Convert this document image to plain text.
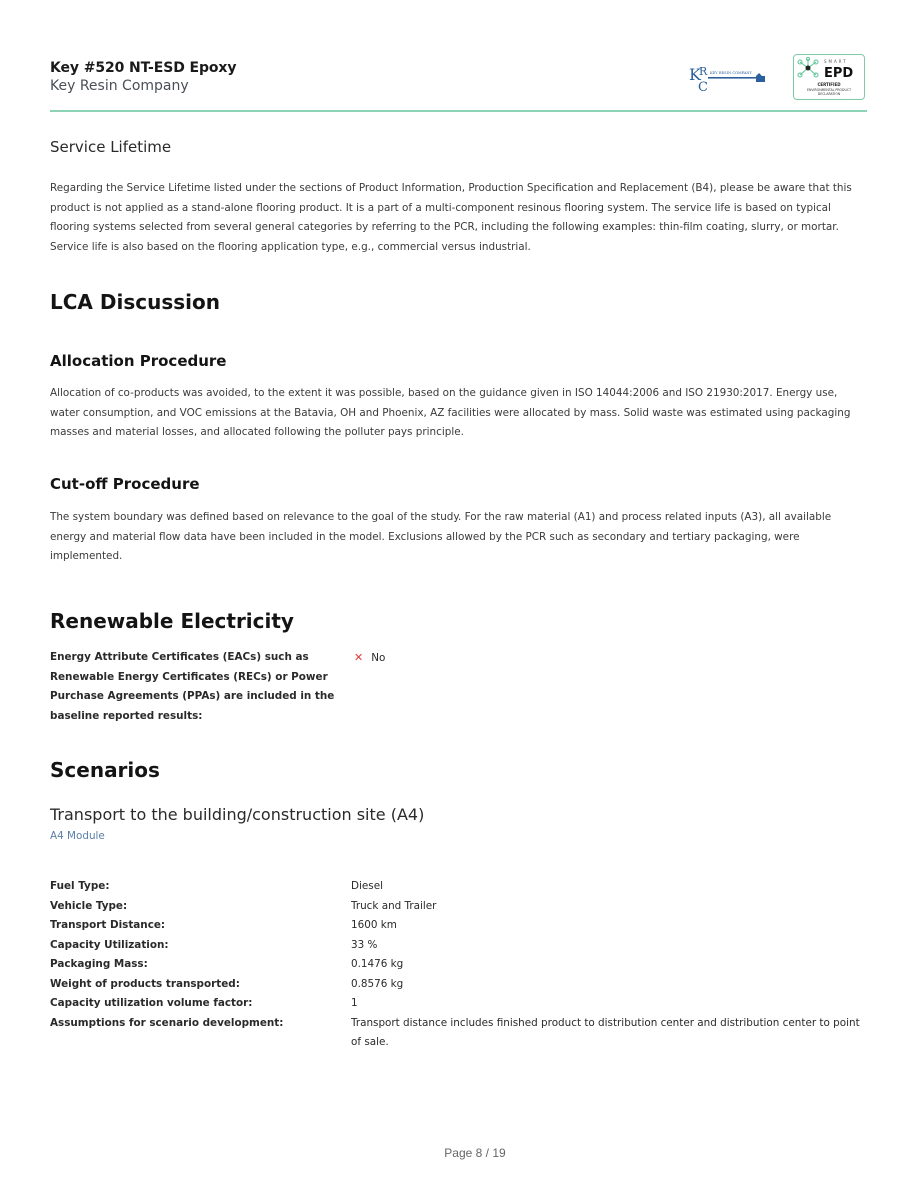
Key #520 NT-ESD Epoxy
Key Resin Company
K
R
C
KEY RESIN COMPANY
SMART
EPD
CERTIFIED
ENVIRONMENTAL PRODUCT
DECLARATION
Service Lifetime
Regarding the Service Lifetime listed under the sections of Product Information, Production Specification and Replacement (B4), please be aware that this product is not applied as a stand-alone flooring product. It is a part of a multi-component resinous flooring system. The service life is based on typical flooring systems selected from several general categories by referring to the PCR, including the following examples: thin-film coating, slurry, or mortar. Service life is also based on the flooring application type, e.g., commercial versus industrial.
LCA Discussion
Allocation Procedure
Allocation of co-products was avoided, to the extent it was possible, based on the guidance given in ISO 14044:2006 and ISO 21930:2017. Energy use, water consumption, and VOC emissions at the Batavia, OH and Phoenix, AZ facilities were allocated by mass. Solid waste was estimated using packaging masses and material losses, and allocated following the polluter pays principle.
Cut-off Procedure
The system boundary was defined based on relevance to the goal of the study. For the raw material (A1) and process related inputs (A3), all available energy and material flow data have been included in the model. Exclusions allowed by the PCR such as secondary and tertiary packaging, were implemented.
Renewable Electricity
Energy Attribute Certificates (EACs) such as Renewable Energy Certificates (RECs) or Power Purchase Agreements (PPAs) are included in the baseline reported results:
✕ No
Scenarios
Transport to the building/construction site (A4)
A4 Module
Fuel Type:	Diesel
Vehicle Type:	Truck and Trailer
Transport Distance:	1600 km
Capacity Utilization:	33 %
Packaging Mass:	0.1476 kg
Weight of products transported:	0.8576 kg
Capacity utilization volume factor:	1
Assumptions for scenario development:	Transport distance includes finished product to distribution center and distribution center to point of sale.
Page 8 / 19
